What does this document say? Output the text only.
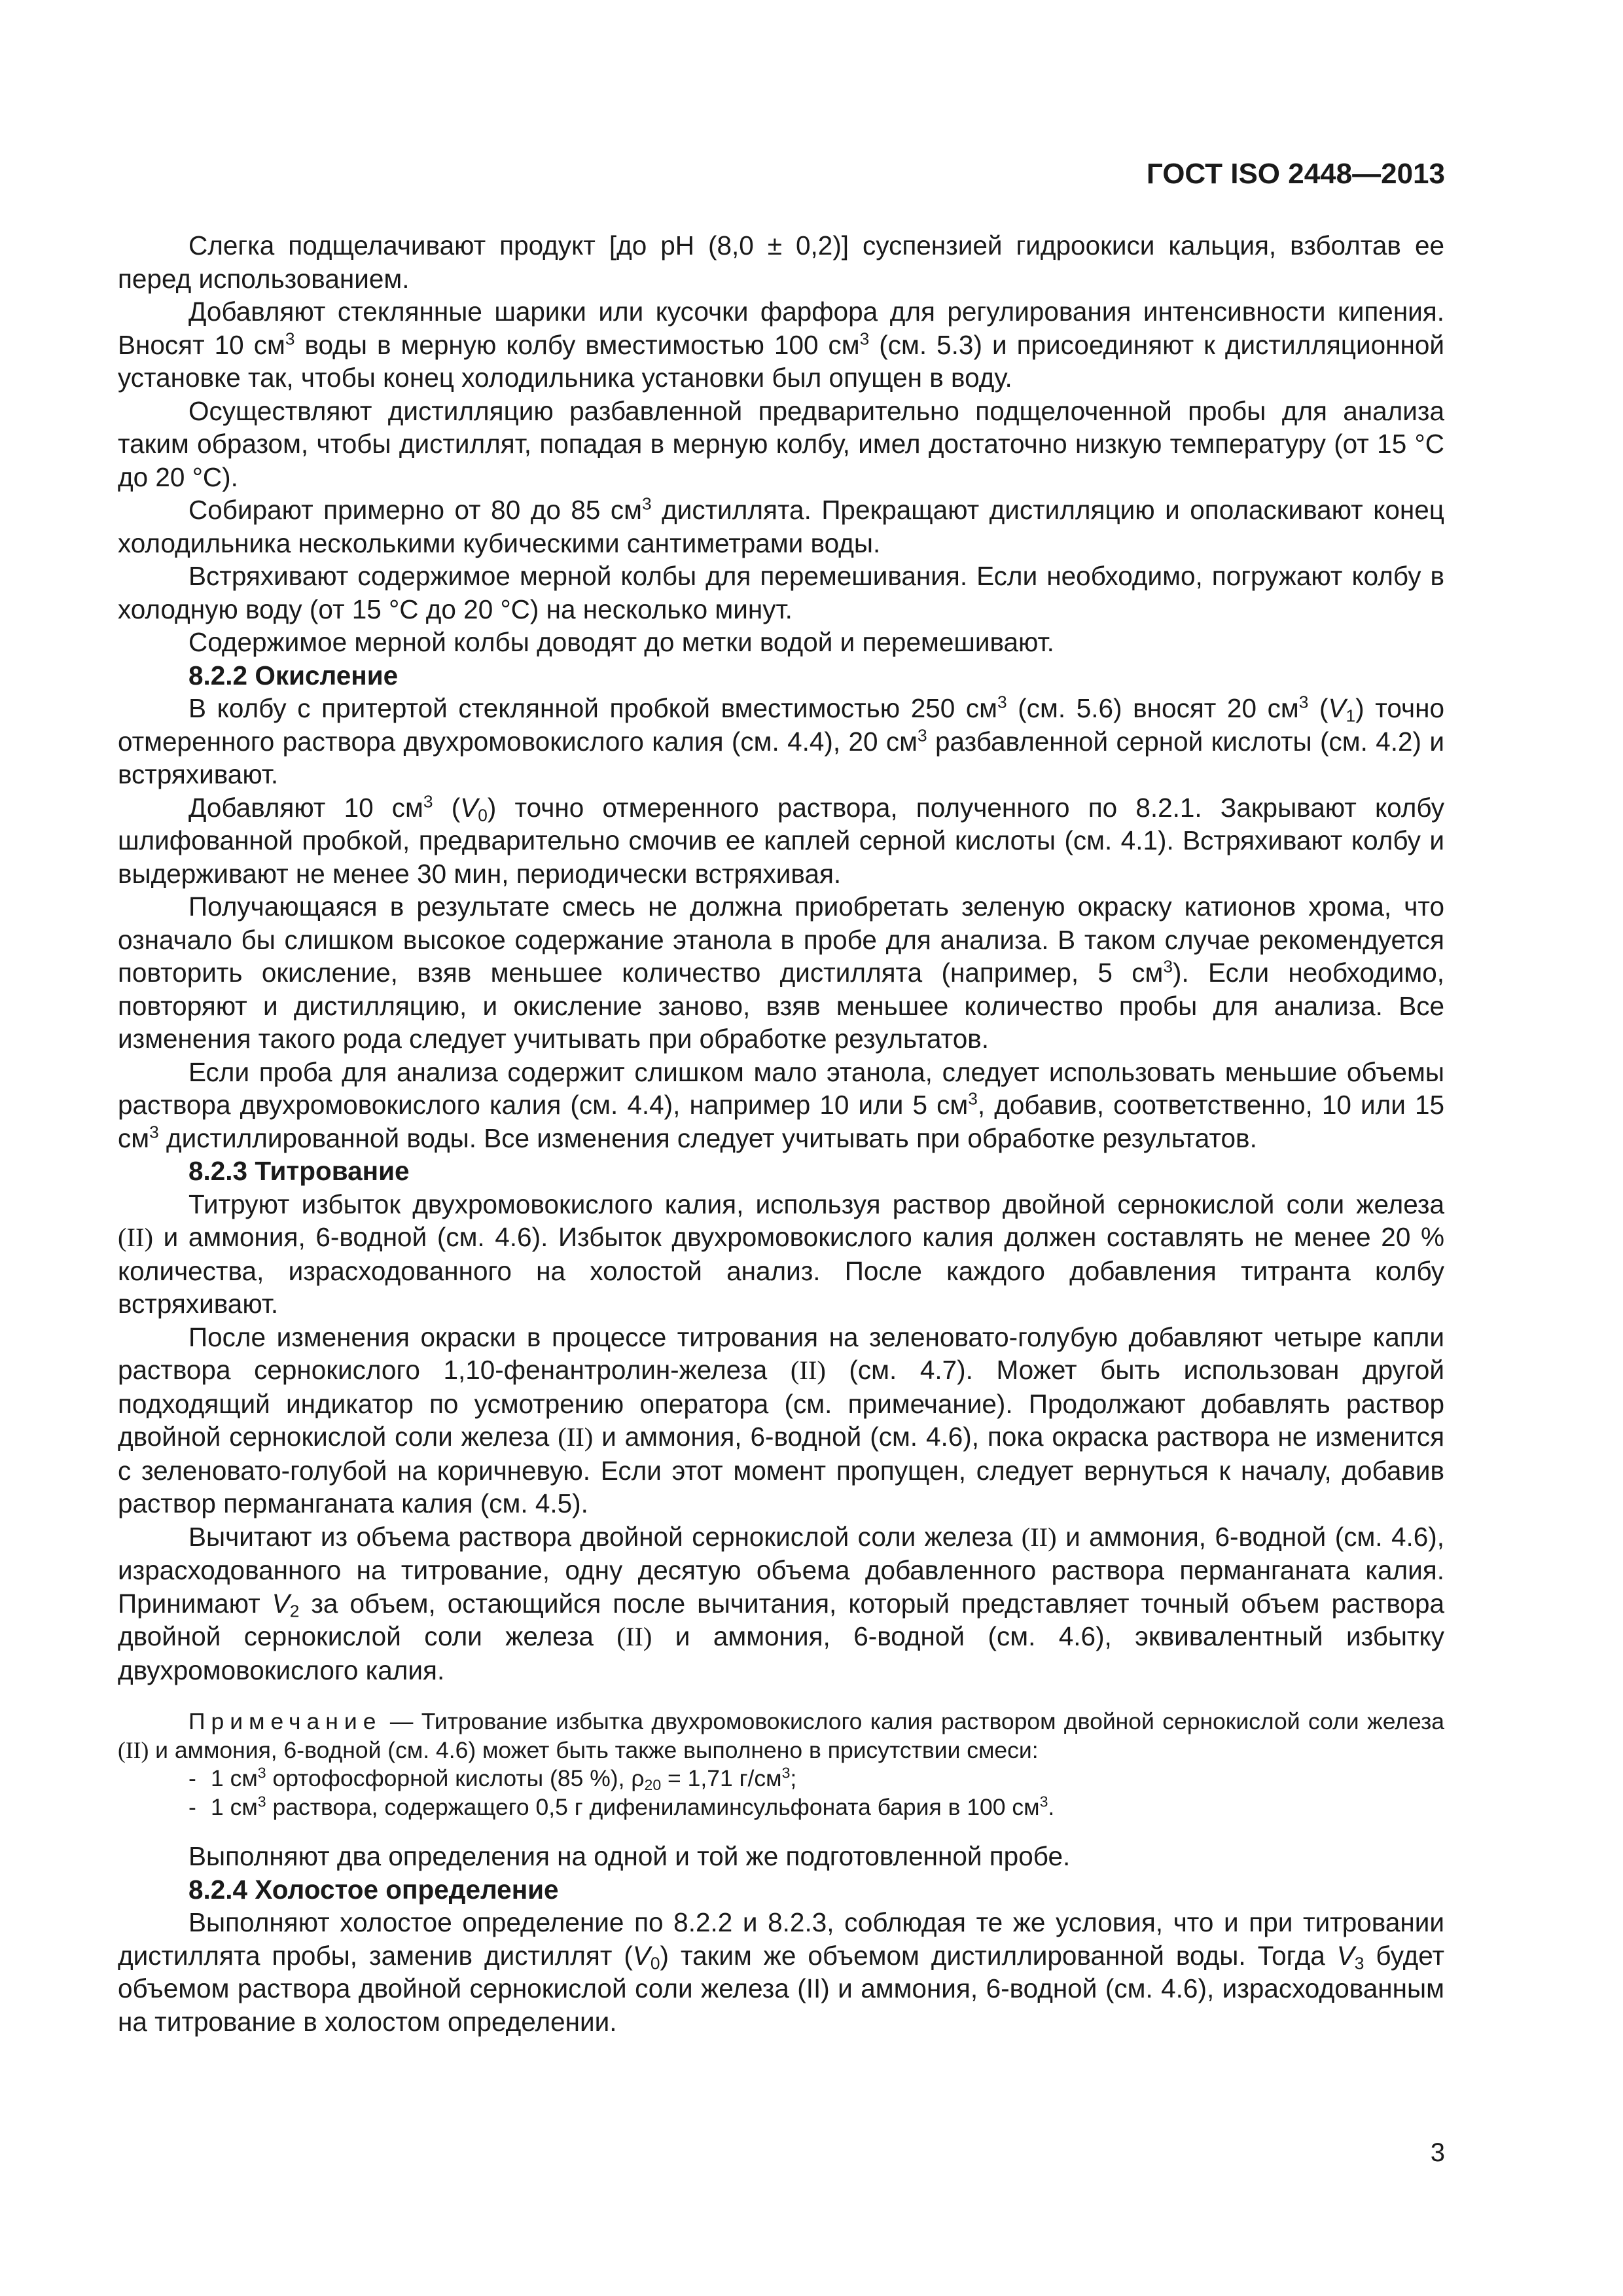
ГОСТ ISO 2448—2013

Слегка подщелачивают продукт [до pH (8,0 ± 0,2)] суспензией гидроокиси кальция, взболтав ее перед использованием.

Добавляют стеклянные шарики или кусочки фарфора для регулирования интенсивности кипения. Вносят 10 $см^3$ воды в мерную колбу вместимостью 100 $см^3$ (см. 5.3) и присоединяют к дистилляционной установке так, чтобы конец холодильника установки был опущен в воду.

Осуществляют дистилляцию разбавленной предварительно подщелоченной пробы для анализа таким образом, чтобы дистиллят, попадая в мерную колбу, имел достаточно низкую температуру (от 15 °С до 20 °С).

Собирают примерно от 80 до 85 $см^3$ дистиллята. Прекращают дистилляцию и ополаскивают конец холодильника несколькими кубическими сантиметрами воды.

Встряхивают содержимое мерной колбы для перемешивания. Если необходимо, погружают колбу в холодную воду (от 15 °С до 20 °С) на несколько минут.

Содержимое мерной колбы доводят до метки водой и перемешивают.

8.2.2 Окисление

В колбу с притертой стеклянной пробкой вместимостью 250 $см^3$ (см. 5.6) вносят 20 $см^3$ $(V_1)$ точно отмеренного раствора двухромовокислого калия (см. 4.4), 20 $см^3$ разбавленной серной кислоты (см. 4.2) и встряхивают.

Добавляют 10 $см^3$ $(V_0)$ точно отмеренного раствора, полученного по 8.2.1. Закрывают колбу шлифованной пробкой, предварительно смочив ее каплей серной кислоты (см. 4.1). Встряхивают колбу и выдерживают не менее 30 мин, периодически встряхивая.

Получающаяся в результате смесь не должна приобретать зеленую окраску катионов хрома, что означало бы слишком высокое содержание этанола в пробе для анализа. В таком случае рекомендуется повторить окисление, взяв меньшее количество дистиллята (например, 5 $см^3$). Если необходимо, повторяют и дистилляцию, и окисление заново, взяв меньшее количество пробы для анализа. Все изменения такого рода следует учитывать при обработке результатов.

Если проба для анализа содержит слишком мало этанола, следует использовать меньшие объемы раствора двухромовокислого калия (см. 4.4), например 10 или 5 $см^3$, добавив, соответственно, 10 или 15 $см^3$ дистиллированной воды. Все изменения следует учитывать при обработке результатов.

8.2.3 Титрование

Титруют избыток двухромовокислого калия, используя раствор двойной сернокислой соли железа (II) и аммония, 6-водной (см. 4.6). Избыток двухромовокислого калия должен составлять не менее 20 % количества, израсходованного на холостой анализ. После каждого добавления титранта колбу встряхивают.

После изменения окраски в процессе титрования на зеленовато-голубую добавляют четыре капли раствора сернокислого 1,10-фенантролин-железа (II) (см. 4.7). Может быть использован другой подходящий индикатор по усмотрению оператора (см. примечание). Продолжают добавлять раствор двойной сернокислой соли железа (II) и аммония, 6-водной (см. 4.6), пока окраска раствора не изменится с зеленовато-голубой на коричневую. Если этот момент пропущен, следует вернуться к началу, добавив раствор перманганата калия (см. 4.5).

Вычитают из объема раствора двойной сернокислой соли железа (II) и аммония, 6-водной (см. 4.6), израсходованного на титрование, одну десятую объема добавленного раствора перманганата калия. Принимают $V_2$ за объем, остающийся после вычитания, который представляет точный объем раствора двойной сернокислой соли железа (II) и аммония, 6-водной (см. 4.6), эквивалентный избытку двухромовокислого калия.

Примечание — Титрование избытка двухромовокислого калия раствором двойной сернокислой соли железа (II) и аммония, 6-водной (см. 4.6) может быть также выполнено в присутствии смеси:

- 1 $см^3$ ортофосфорной кислоты (85 %), $\rho_{20} = 1,71$ $г/см^3$;
- 1 $см^3$ раствора, содержащего 0,5 г дифениламинсульфоната бария в 100 $см^3$.

Выполняют два определения на одной и той же подготовленной пробе.

8.2.4 Холостое определение

Выполняют холостое определение по 8.2.2 и 8.2.3, соблюдая те же условия, что и при титровании дистиллята пробы, заменив дистиллят $(V_0)$ таким же объемом дистиллированной воды. Тогда $V_3$ будет объемом раствора двойной сернокислой соли железа (II) и аммония, 6-водной (см. 4.6), израсходованным на титрование в холостом определении.

3
